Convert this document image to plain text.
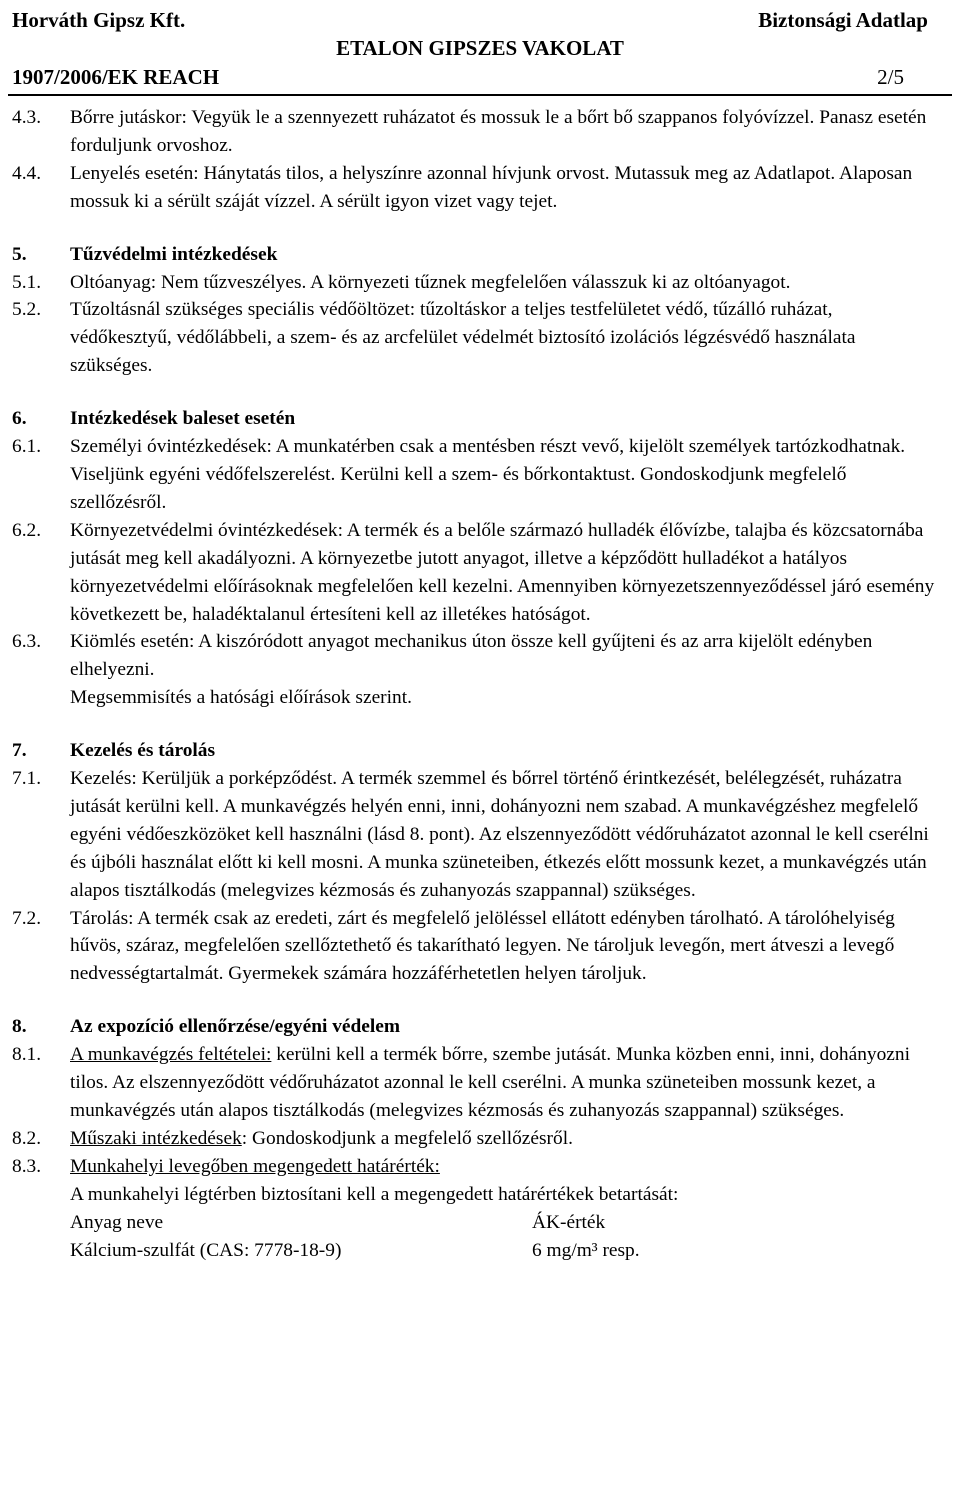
Horváth Gipsz Kft.	Biztonsági Adatlap
ETALON GIPSZES VAKOLAT
1907/2006/EK REACH	2/5
4.3. Bőrre jutáskor: Vegyük le a szennyezett ruházatot és mossuk le a bőrt bő szappanos folyóvízzel. Panasz esetén forduljunk orvoshoz.
4.4. Lenyelés esetén: Hánytatás tilos, a helyszínre azonnal hívjunk orvost. Mutassuk meg az Adatlapot. Alaposan mossuk ki a sérült száját vízzel. A sérült igyon vizet vagy tejet.
5. Tűzvédelmi intézkedések
5.1. Oltóanyag: Nem tűzveszélyes. A környezeti tűznek megfelelően válasszuk ki az oltóanyagot.
5.2. Tűzoltásnál szükséges speciális védőöltözet: tűzoltáskor a teljes testfelületet védő, tűzálló ruházat, védőkesztyű, védőlábbeli, a szem- és az arcfelület védelmét biztosító izolációs légzésvédő használata szükséges.
6. Intézkedések baleset esetén
6.1. Személyi óvintézkedések: A munkatérben csak a mentésben részt vevő, kijelölt személyek tartózkodhatnak. Viseljünk egyéni védőfelszerelést. Kerülni kell a szem- és bőrkontaktust. Gondoskodjunk megfelelő szellőzésről.
6.2. Környezetvédelmi óvintézkedések: A termék és a belőle származó hulladék élővízbe, talajba és közcsatornába jutását meg kell akadályozni. A környezetbe jutott anyagot, illetve a képződött hulladékot a hatályos környezetvédelmi előírásoknak megfelelően kell kezelni. Amennyiben környezetszennyeződéssel járó esemény következett be, haladéktalanul értesíteni kell az illetékes hatóságot.
6.3. Kiömlés esetén: A kiszóródott anyagot mechanikus úton össze kell gyűjteni és az arra kijelölt edényben elhelyezni.
Megsemmisítés a hatósági előírások szerint.
7. Kezelés és tárolás
7.1. Kezelés: Kerüljük a porképződést. A termék szemmel és bőrrel történő érintkezését, belélegzését, ruházatra jutását kerülni kell. A munkavégzés helyén enni, inni, dohányozni nem szabad. A munkavégzéshez megfelelő egyéni védőeszközöket kell használni (lásd 8. pont). Az elszennyeződött védőruházatot azonnal le kell cserélni és újbóli használat előtt ki kell mosni. A munka szüneteiben, étkezés előtt mossunk kezet, a munkavégzés után alapos tisztálkodás (melegvizes kézmosás és zuhanyozás szappannal) szükséges.
7.2. Tárolás: A termék csak az eredeti, zárt és megfelelő jelöléssel ellátott edényben tárolható. A tárolóhelyiség hűvös, száraz, megfelelően szellőztethető és takarítható legyen. Ne tároljuk levegőn, mert átveszi a levegő nedvességtartalmát. Gyermekek számára hozzáférhetetlen helyen tároljuk.
8. Az expozíció ellenőrzése/egyéni védelem
8.1. A munkavégzés feltételei: kerülni kell a termék bőrre, szembe jutását. Munka közben enni, inni, dohányozni tilos. Az elszennyeződött védőruházatot azonnal le kell cserélni. A munka szüneteiben mossunk kezet, a munkavégzés után alapos tisztálkodás (melegvizes kézmosás és zuhanyozás szappannal) szükséges.
8.2. Műszaki intézkedések: Gondoskodjunk a megfelelő szellőzésről.
8.3. Munkahelyi levegőben megengedett határérték:
A munkahelyi légtérben biztosítani kell a megengedett határértékek betartását:
Anyag neve	ÁK-érték
Kálcium-szulfát (CAS: 7778-18-9)	6 mg/m³ resp.
